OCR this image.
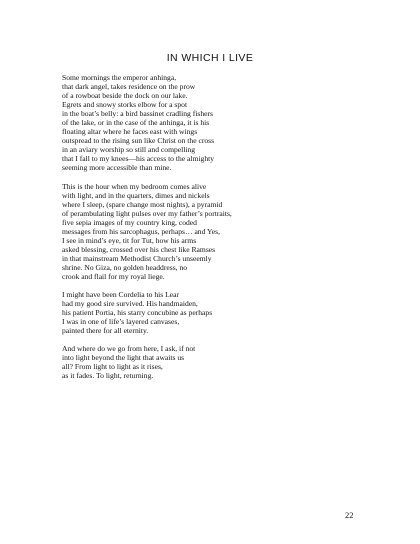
IN WHICH I LIVE
Some mornings the emperor anhinga,
that dark angel, takes residence on the prow
of a rowboat beside the dock on our lake.
Egrets and snowy storks elbow for a spot
in the boat’s belly: a bird bassinet cradling fishers
of the lake, or in the case of the anhinga, it is his
floating altar where he faces east with wings
outspread to the rising sun like Christ on the cross
in an aviary worship so still and compelling
that I fall to my knees—his access to the almighty
seeming more accessible than mine.
This is the hour when my bedroom comes alive
with light, and in the quarters, dimes and nickels
where I sleep, (spare change most nights), a pyramid
of perambulating light pulses over my father’s portraits,
five sepia images of my country king, coded
messages from his sarcophagus, perhaps… and Yes,
I see in mind’s eye, tit for Tut, how his arms
asked blessing, crossed over his chest like Ramses
in that mainstream Methodist Church’s unseemly
shrine. No Giza, no golden headdress, no
crook and flail for my royal liege.
I might have been Cordelia to his Lear
had my good sire survived. His handmaiden,
his patient Portia, his starry concubine as perhaps
I was in one of life’s layered canvases,
painted there for all eternity.
And where do we go from here, I ask, if not
into light beyond the light that awaits us
all? From light to light as it rises,
as it fades. To light, returning.
22
